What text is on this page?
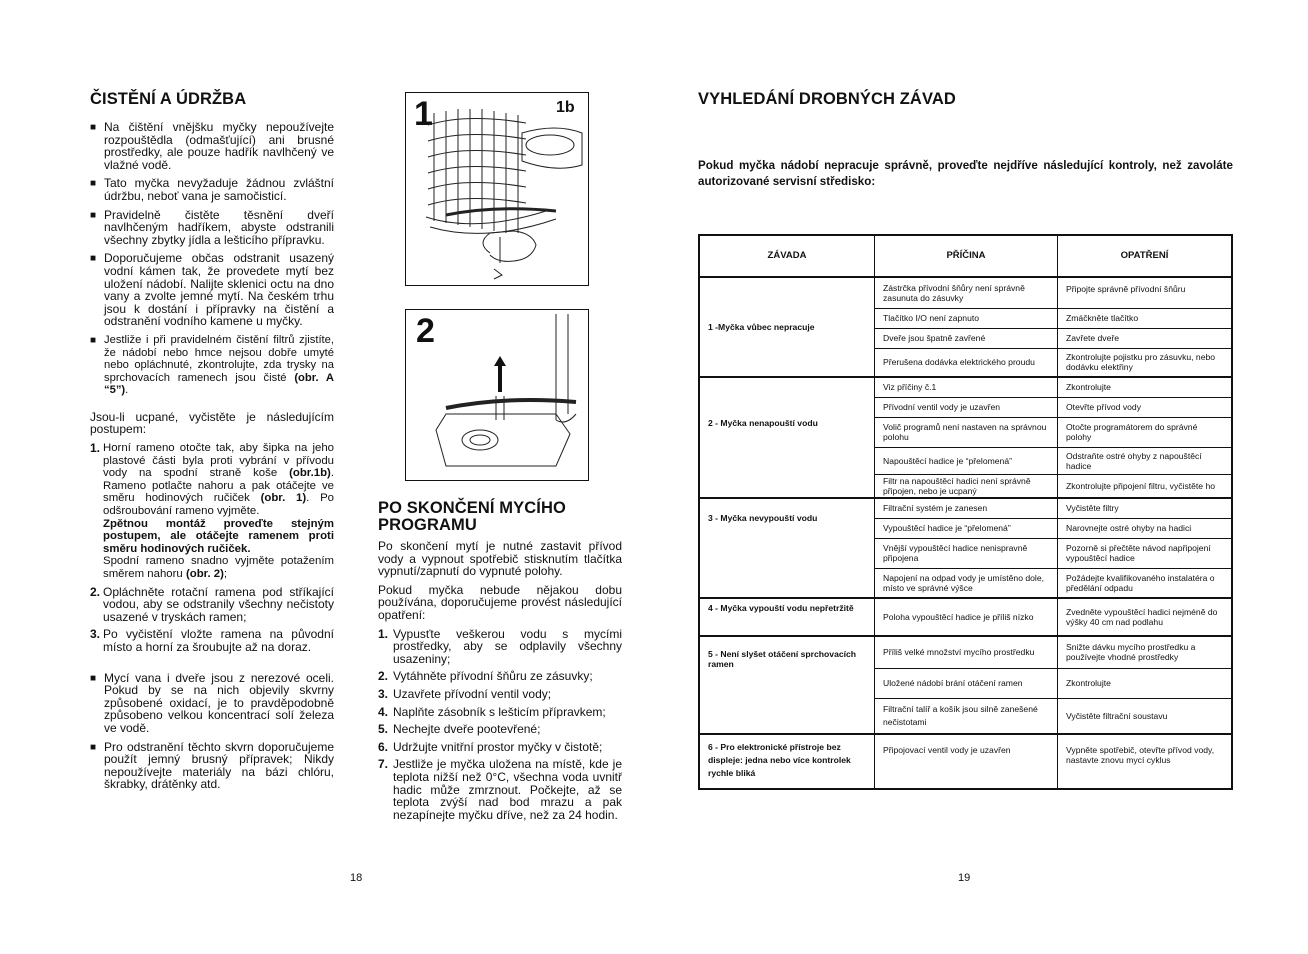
ČISTĚNÍ A ÚDRŽBA
■ Na čištění vnějšku myčky nepoužívejte rozpouštědla (odmašťující) ani brusné prostředky, ale pouze hadřík navlhčený ve vlažné vodě.
■ Tato myčka nevyžaduje žádnou zvláštní údržbu, neboť vana je samočisticí.
■ Pravidelně čistěte těsnění dveří navlhčeným hadříkem, abyste odstranili všechny zbytky jídla a lešticího přípravku.
■ Doporučujeme občas odstranit usazený vodní kámen tak, že provedete mytí bez uložení nádobí. Nalijte sklenici octu na dno vany a zvolte jemné mytí. Na českém trhu jsou k dostání i přípravky na čistění a odstranění vodního kamene u myčky.
■ Jestliže i při pravidelném čistění filtrů zjistíte, že nádobí nebo hmce nejsou dobře umyté nebo opláchnuté, zkontrolujte, zda trysky na sprchovacích ramenech jsou čisté (obr. A “5”).

Jsou-li ucpané, vyčistěte je následujícím postupem:

1. Horní rameno otočte tak, aby šipka na jeho plastové části byla proti vybrání v přívodu vody na spodní straně koše (obr.1b). Rameno potlačte nahoru a pak otáčejte ve směru hodinových ručiček (obr. 1). Po odšroubování rameno vyjměte.
Zpětnou montáž proveďte stejným postupem, ale otáčejte ramenem proti směru hodinových ručiček.
Spodní rameno snadno vyjměte potažením směrem nahoru (obr. 2);
2. Opláchněte rotační ramena pod stříkající vodou, aby se odstranily všechny nečistoty usazené v tryskách ramen;
3. Po vyčistění vložte ramena na původní místo a horní za šroubujte až na doraz.
■ Mycí vana i dveře jsou z nerezové oceli. Pokud by se na nich objevily skvrny způsobené oxidací, je to pravděpodobně způsobeno velkou koncentrací solí železa ve vodě.
■ Pro odstranění těchto skvrn doporučujeme použít jemný brusný přípravek; Nikdy nepoužívejte materiály na bázi chlóru, škrabky, drátěnky atd.
18
1	1b
2
PO SKONČENÍ MYCÍHO PROGRAMU

Po skončení mytí je nutné zastavit přívod vody a vypnout spotřebič stisknutím tlačítka vypnutí/zapnutí do vypnuté polohy.

Pokud myčka nebude nějakou dobu používána, doporučujeme provést následující opatření:

1. Vypusťte veškerou vodu s mycími prostředky, aby se odplavily všechny usazeniny;
2. Vytáhněte přívodní šňůru ze zásuvky;
3. Uzavřete přívodní ventil vody;
4. Naplňte zásobník s lešticím přípravkem;
5. Nechejte dveře pootevřené;
6. Udržujte vnitřní prostor myčky v čistotě;
7. Jestliže je myčka uložena na místě, kde je teplota nižší než 0°C, všechna voda uvnitř hadic může zmrznout. Počkejte, až se teplota zvýší nad bod mrazu a pak nezapínejte myčku dříve, než za 24 hodin.
VYHLEDÁNÍ DROBNÝCH ZÁVAD
Pokud myčka nádobí nepracuje správně, proveďte nejdříve následující kontroly, než zavoláte autorizované servisní středisko:
ZÁVADA	PŘÍČINA	OPATŘENÍ
1 -Myčka vůbec nepracuje	Zástrčka přívodní šňůry není správně zasunuta do zásuvky	Připojte správně přívodní šňůru
	Tlačítko I/O není zapnuto	Zmáčkněte tlačítko
	Dveře jsou špatně zavřené	Zavřete dveře
	Přerušena dodávka elektrického proudu	Zkontrolujte pojistku pro zásuvku, nebo dodávku elektřiny
2 - Myčka nenapouští vodu	Viz příčiny č.1	Zkontrolujte
	Přívodní ventil vody je uzavřen	Otevřte přívod vody
	Volič programů není nastaven na správnou polohu	Otočte programátorem do správné polohy
	Napouštěcí hadice je “přelomená”	Odstraňte ostré ohyby z napouštěcí hadice
	Filtr na napouštěcí hadici není správně připojen, nebo je ucpaný	Zkontrolujte připojení filtru, vyčistěte ho
3 - Myčka nevypouští vodu	Filtrační systém je zanesen	Vyčistěte filtry
	Vypouštěcí hadice je “přelomená”	Narovnejte ostré ohyby na hadici
	Vnější vypouštěcí hadice nenispravně připojena	Pozorně si přečtěte návod napřipojení vypouštěcí hadice
	Napojení na odpad vody je umístěno dole, místo ve správné výšce	Požádejte kvalifikovaného instalatéra o předělání odpadu
4 - Myčka vypouští vodu nepřetržitě	Poloha vypouštěcí hadice je příliš nízko	Zvedněte vypouštěcí hadici nejméně do výšky 40 cm nad podlahu
5 - Není slyšet otáčení sprchovacích ramen	Příliš velké množství mycího prostředku	Snižte dávku mycího prostředku a používejte vhodné prostředky
	Uložené nádobí brání otáčení ramen	Zkontrolujte
	Filtrační talíř a košík jsou silně zanešené nečistotami	Vyčistěte filtrační soustavu
6 - Pro elektronické přístroje bez displeje: jedna nebo více kontrolek rychle bliká	Připojovací ventil vody je uzavřen	Vypněte spotřebič, otevřte přívod vody, nastavte znovu mycí cyklus
19
